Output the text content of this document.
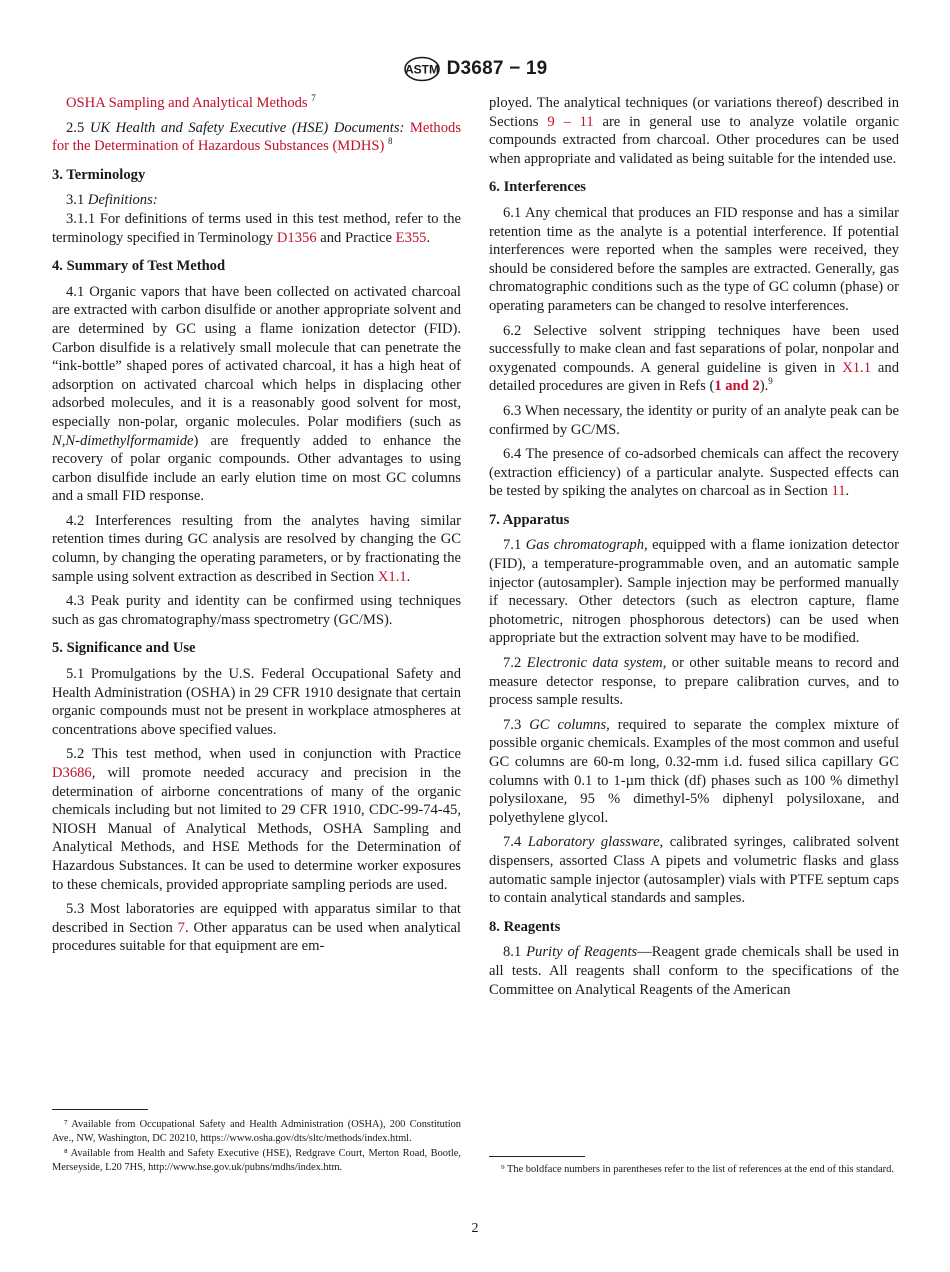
ASTM D3687 − 19

OSHA Sampling and Analytical Methods $^7$

2.5 UK Health and Safety Executive (HSE) Documents: Methods for the Determination of Hazardous Substances (MDHS) $^8$

3. Terminology

3.1 Definitions:

3.1.1 For definitions of terms used in this test method, refer to the terminology specified in Terminology D1356 and Practice E355.

4. Summary of Test Method

4.1 Organic vapors that have been collected on activated charcoal are extracted with carbon disulfide or another appropriate solvent and are determined by GC using a flame ionization detector (FID). Carbon disulfide is a relatively small molecule that can penetrate the “ink-bottle” shaped pores of activated charcoal, it has a high heat of adsorption on activated charcoal which helps in displacing other adsorbed molecules, and it is a reasonably good solvent for most, especially non-polar, organic molecules. Polar modifiers (such as N,N-dimethylformamide) are frequently added to enhance the recovery of polar organic compounds. Other advantages to using carbon disulfide include an early elution time on most GC columns and a small FID response.

4.2 Interferences resulting from the analytes having similar retention times during GC analysis are resolved by changing the GC column, by changing the operating parameters, or by fractionating the sample using solvent extraction as described in Section X1.1.

4.3 Peak purity and identity can be confirmed using techniques such as gas chromatography/mass spectrometry (GC/MS).

5. Significance and Use

5.1 Promulgations by the U.S. Federal Occupational Safety and Health Administration (OSHA) in 29 CFR 1910 designate that certain organic compounds must not be present in workplace atmospheres at concentrations above specified values.

5.2 This test method, when used in conjunction with Practice D3686, will promote needed accuracy and precision in the determination of airborne concentrations of many of the organic chemicals including but not limited to 29 CFR 1910, CDC-99-74-45, NIOSH Manual of Analytical Methods, OSHA Sampling and Analytical Methods, and HSE Methods for the Determination of Hazardous Substances. It can be used to determine worker exposures to these chemicals, provided appropriate sampling periods are used.

5.3 Most laboratories are equipped with apparatus similar to that described in Section 7. Other apparatus can be used when analytical procedures suitable for that equipment are em-

⁷ Available from Occupational Safety and Health Administration (OSHA), 200 Constitution Ave., NW, Washington, DC 20210, https://www.osha.gov/dts/sltc/methods/index.html.

⁸ Available from Health and Safety Executive (HSE), Redgrave Court, Merton Road, Bootle, Merseyside, L20 7HS, http://www.hse.gov.uk/pubns/mdhs/index.htm.

ployed. The analytical techniques (or variations thereof) described in Sections 9 – 11 are in general use to analyze volatile organic compounds extracted from charcoal. Other procedures can be used when appropriate and validated as being suitable for the intended use.

6. Interferences

6.1 Any chemical that produces an FID response and has a similar retention time as the analyte is a potential interference. If potential interferences were reported when the samples were received, they should be considered before the samples are extracted. Generally, gas chromatographic conditions such as the type of GC column (phase) or operating parameters can be changed to resolve interferences.

6.2 Selective solvent stripping techniques have been used successfully to make clean and fast separations of polar, nonpolar and oxygenated compounds. A general guideline is given in X1.1 and detailed procedures are given in Refs (1 and 2).$^9$

6.3 When necessary, the identity or purity of an analyte peak can be confirmed by GC/MS.

6.4 The presence of co-adsorbed chemicals can affect the recovery (extraction efficiency) of a particular analyte. Suspected effects can be tested by spiking the analytes on charcoal as in Section 11.

7. Apparatus

7.1 Gas chromatograph, equipped with a flame ionization detector (FID), a temperature-programmable oven, and an automatic sample injector (autosampler). Sample injection may be performed manually if necessary. Other detectors (such as electron capture, flame photometric, nitrogen phosphorous detectors) can be used when appropriate but the extraction solvent may have to be modified.

7.2 Electronic data system, or other suitable means to record and measure detector response, to prepare calibration curves, and to process sample results.

7.3 GC columns, required to separate the complex mixture of possible organic chemicals. Examples of the most common and useful GC columns are 60-m long, 0.32-mm i.d. fused silica capillary GC columns with 0.1 to 1-µm thick (df) phases such as 100 % dimethyl polysiloxane, 95 % dimethyl-5% diphenyl polysiloxane, and polyethylene glycol.

7.4 Laboratory glassware, calibrated syringes, calibrated solvent dispensers, assorted Class A pipets and volumetric flasks and glass automatic sample injector (autosampler) vials with PTFE septum caps to contain analytical standards and samples.

8. Reagents

8.1 Purity of Reagents—Reagent grade chemicals shall be used in all tests. All reagents shall conform to the specifications of the Committee on Analytical Reagents of the American

⁹ The boldface numbers in parentheses refer to the list of references at the end of this standard.

2
